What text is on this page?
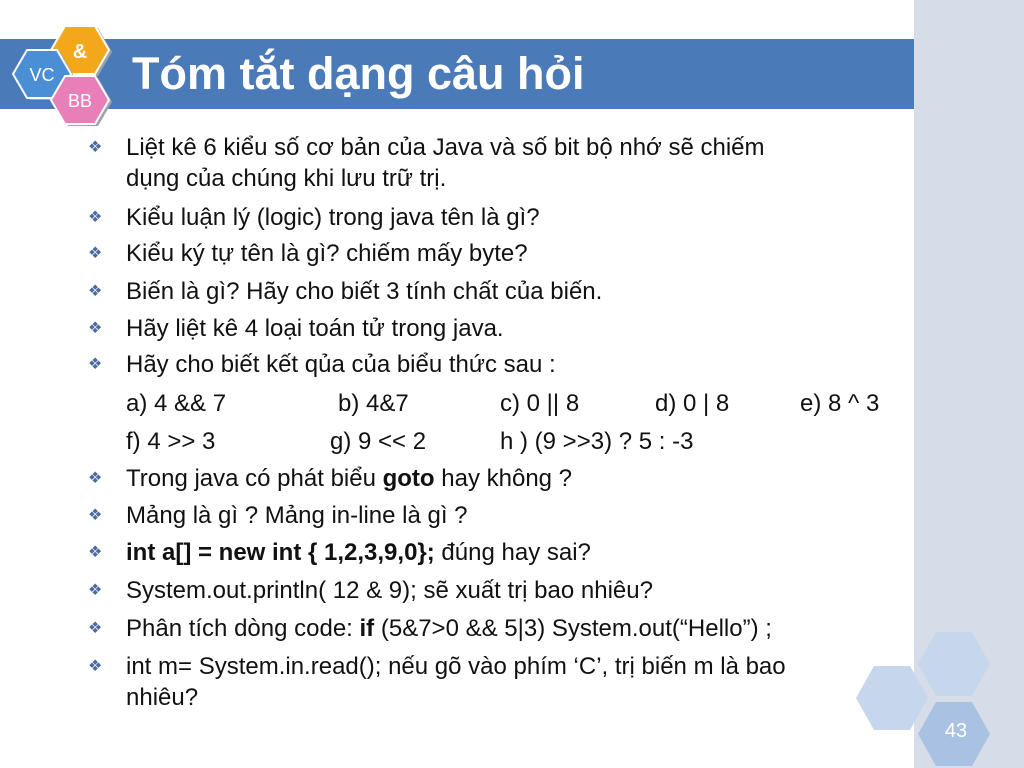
&
VC
BB
Tóm tắt dạng câu hỏi
❖ Liệt kê 6 kiểu số cơ bản của Java và số bit bộ nhớ sẽ chiếm
dụng của chúng khi lưu trữ trị.
❖ Kiểu luận lý (logic) trong java tên là gì?
❖ Kiểu ký tự tên là gì? chiếm mấy byte?
❖ Biến là gì? Hãy cho biết 3 tính chất của biến.
❖ Hãy liệt kê 4 loại toán tử trong java.
❖ Hãy cho biết kết qủa của biểu thức sau :
a) 4 && 7	b) 4&7	c) 0 || 8	d) 0 | 8	e) 8 ^ 3
f) 4 >> 3	g) 9 << 2	h ) (9 >>3) ? 5 : -3
❖ Trong java có phát biểu goto hay không ?
❖ Mảng là gì ? Mảng in-line là gì ?
❖ int a[] = new int { 1,2,3,9,0}; đúng hay sai?
❖ System.out.println( 12 & 9); sẽ xuất trị bao nhiêu?
❖ Phân tích dòng code: if (5&7>0 && 5|3) System.out(“Hello”) ;
❖ int m= System.in.read(); nếu gõ vào phím ‘C’, trị biến m là bao
nhiêu?
43
